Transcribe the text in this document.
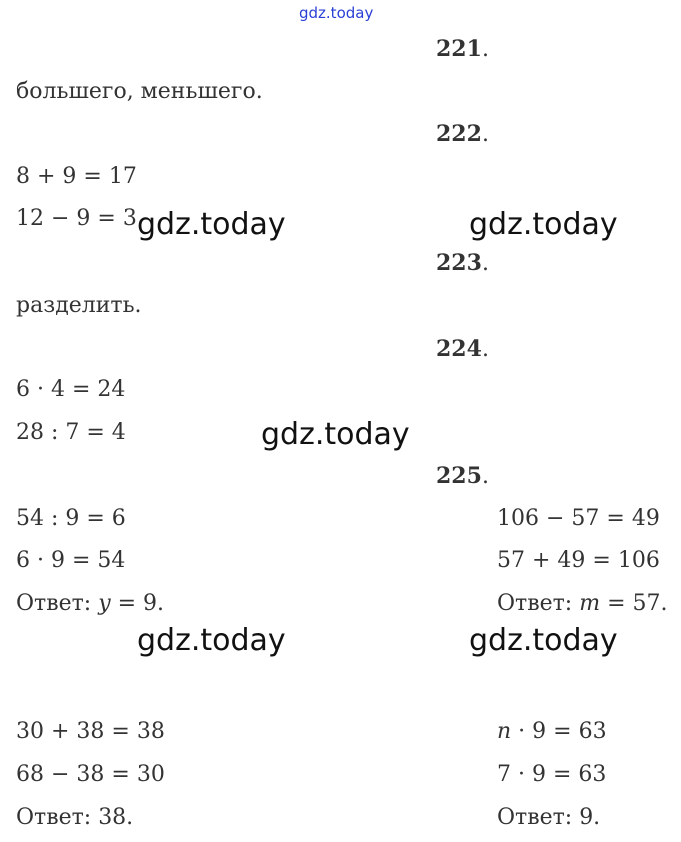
gdz.today
221.
большего, меньшего.
222.
8 + 9 = 17
12 − 9 = 3 gdz.today	gdz.today
223.
разделить.
224.
6 · 4 = 24
28 : 7 = 4	gdz.today
225.
54 : 9 = 6
6 · 9 = 54
Ответ: y = 9.
106 − 57 = 49
57 + 49 = 106
Ответ: m = 57.
gdz.today	gdz.today
30 + 38 = 38
68 − 38 = 30
Ответ: 38.
n · 9 = 63
7 · 9 = 63
Ответ: 9.
